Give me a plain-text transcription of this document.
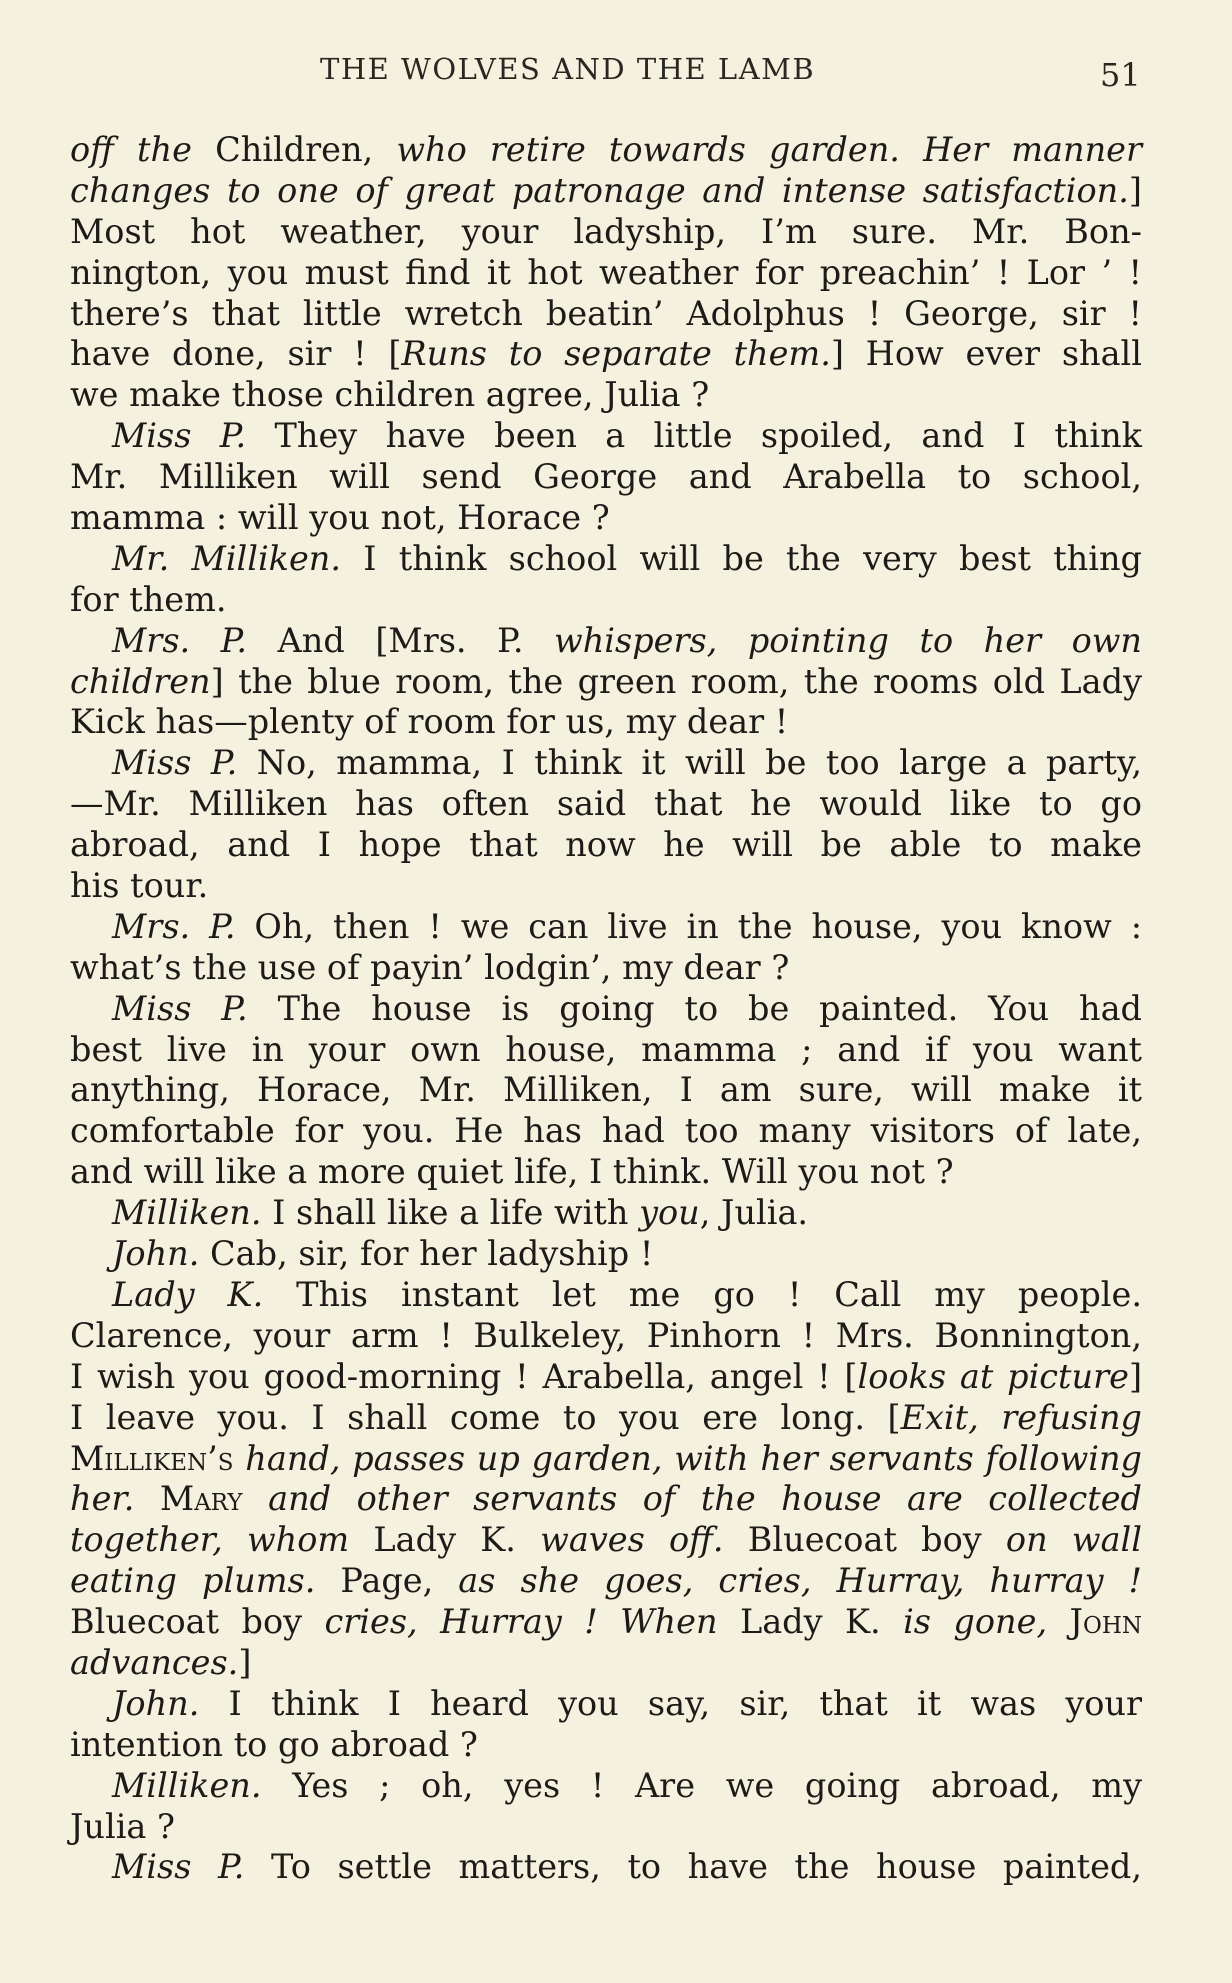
THE WOLVES AND THE LAMB	51
off the Children, who retire towards garden. Her manner
changes to one of great patronage and intense satisfaction.]
Most hot weather, your ladyship, I’m sure. Mr. Bon-
nington, you must find it hot weather for preachin’ ! Lor ’ !
there’s that little wretch beatin’ Adolphus ! George, sir !
have done, sir ! [Runs to separate them.] How ever shall
we make those children agree, Julia ?
Miss P. They have been a little spoiled, and I think
Mr. Milliken will send George and Arabella to school,
mamma : will you not, Horace ?
Mr. Milliken. I think school will be the very best thing
for them.
Mrs. P. And [Mrs. P. whispers, pointing to her own
children] the blue room, the green room, the rooms old Lady
Kick has—plenty of room for us, my dear !
Miss P. No, mamma, I think it will be too large a party,
—Mr. Milliken has often said that he would like to go
abroad, and I hope that now he will be able to make
his tour.
Mrs. P. Oh, then ! we can live in the house, you know :
what’s the use of payin’ lodgin’, my dear ?
Miss P. The house is going to be painted. You had
best live in your own house, mamma ; and if you want
anything, Horace, Mr. Milliken, I am sure, will make it
comfortable for you. He has had too many visitors of late,
and will like a more quiet life, I think. Will you not ?
Milliken. I shall like a life with you, Julia.
John. Cab, sir, for her ladyship !
Lady K. This instant let me go ! Call my people.
Clarence, your arm ! Bulkeley, Pinhorn ! Mrs. Bonnington,
I wish you good-morning ! Arabella, angel ! [looks at picture]
I leave you. I shall come to you ere long. [Exit, refusing
Milliken’s hand, passes up garden, with her servants following
her. Mary and other servants of the house are collected
together, whom Lady K. waves off. Bluecoat boy on wall
eating plums. Page, as she goes, cries, Hurray, hurray !
Bluecoat boy cries, Hurray ! When Lady K. is gone, John
advances.]
John. I think I heard you say, sir, that it was your
intention to go abroad ?
Milliken. Yes ; oh, yes ! Are we going abroad, my
Julia ?
Miss P. To settle matters, to have the house painted,
